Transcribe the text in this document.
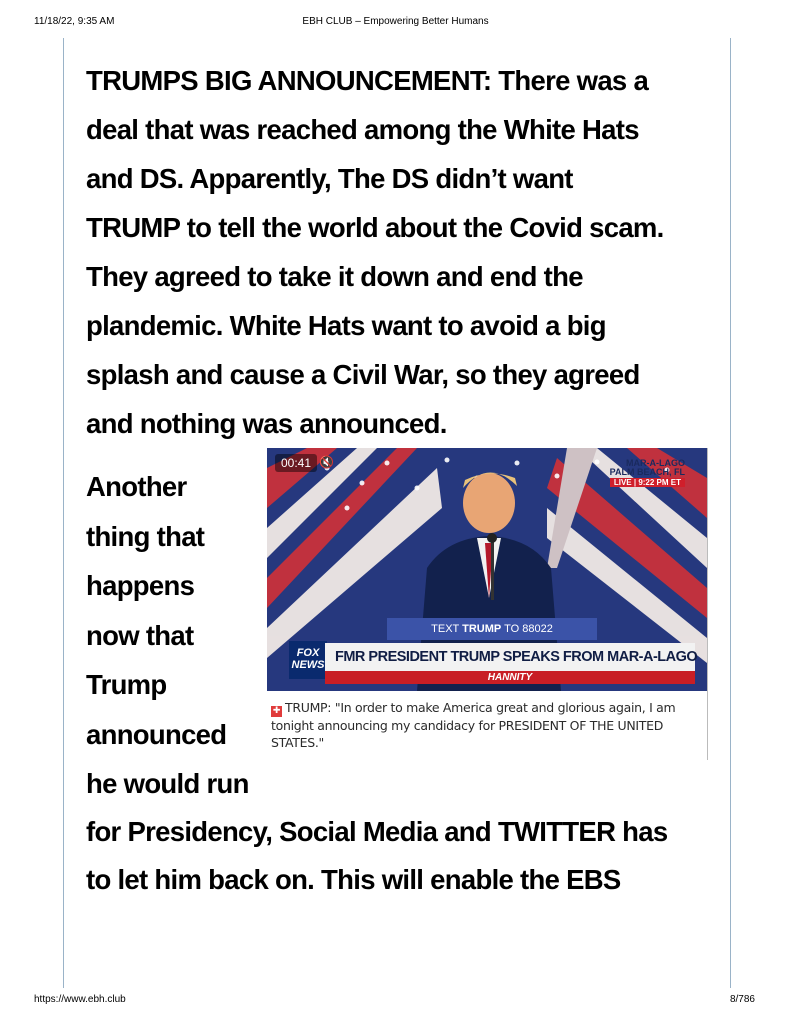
11/18/22, 9:35 AM	EBH CLUB – Empowering Better Humans
TRUMPS BIG ANNOUNCEMENT: There was a
deal that was reached among the White Hats
and DS. Apparently, The DS didn’t want
TRUMP to tell the world about the Covid scam.
They agreed to take it down and end the
plandemic. White Hats want to avoid a big
splash and cause a Civil War, so they agreed
and nothing was announced.
Another
thing that
happens
now that
Trump
announced
he would run
00:41 🔇	MAR-A-LAGO
PALM BEACH, FL
LIVE | 9:22 PM ET
TEXT TRUMP TO 88022
FOX NEWS FMR PRESIDENT TRUMP SPEAKS FROM MAR-A-LAGO
HANNITY
✚ TRUMP: "In order to make America great and glorious again, I am tonight announcing my candidacy for PRESIDENT OF THE UNITED STATES."
for Presidency, Social Media and TWITTER has
to let him back on. This will enable the EBS
https://www.ebh.club	8/786
